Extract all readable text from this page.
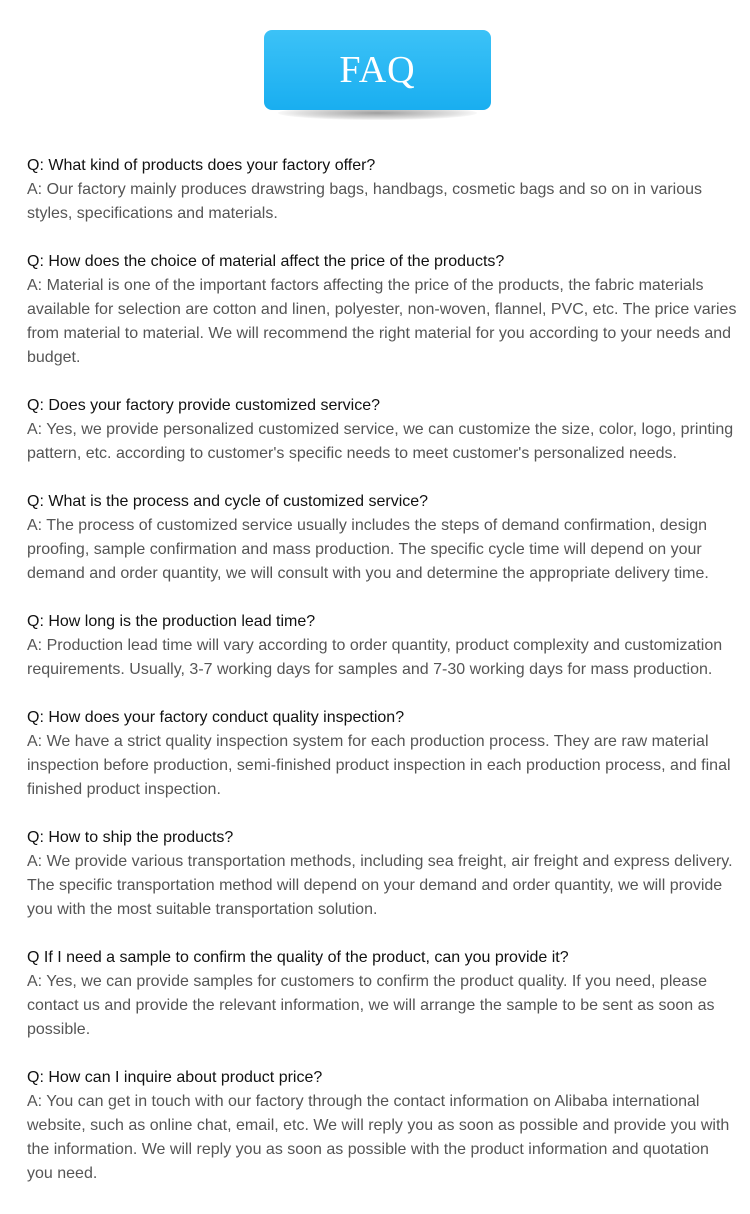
FAQ

Q: What kind of products does your factory offer?

A: Our factory mainly produces drawstring bags, handbags, cosmetic bags and so on in various styles, specifications and materials.

Q: How does the choice of material affect the price of the products?

A: Material is one of the important factors affecting the price of the products, the fabric materials available for selection are cotton and linen, polyester, non-woven, flannel, PVC, etc. The price varies from material to material. We will recommend the right material for you according to your needs and budget.

Q: Does your factory provide customized service?

A: Yes, we provide personalized customized service, we can customize the size, color, logo, printing pattern, etc. according to customer's specific needs to meet customer's personalized needs.

Q: What is the process and cycle of customized service?

A: The process of customized service usually includes the steps of demand confirmation, design proofing, sample confirmation and mass production. The specific cycle time will depend on your demand and order quantity, we will consult with you and determine the appropriate delivery time.

Q: How long is the production lead time?

A: Production lead time will vary according to order quantity, product complexity and customization requirements. Usually, 3-7 working days for samples and 7-30 working days for mass production.

Q: How does your factory conduct quality inspection?

A: We have a strict quality inspection system for each production process. They are raw material inspection before production, semi-finished product inspection in each production process, and final finished product inspection.

Q: How to ship the products?

A: We provide various transportation methods, including sea freight, air freight and express delivery. The specific transportation method will depend on your demand and order quantity, we will provide you with the most suitable transportation solution.

Q If I need a sample to confirm the quality of the product, can you provide it?

A: Yes, we can provide samples for customers to confirm the product quality. If you need, please contact us and provide the relevant information, we will arrange the sample to be sent as soon as possible.

Q: How can I inquire about product price?

A: You can get in touch with our factory through the contact information on Alibaba international website, such as online chat, email, etc. We will reply you as soon as possible and provide you with the information. We will reply you as soon as possible with the product information and quotation you need.
